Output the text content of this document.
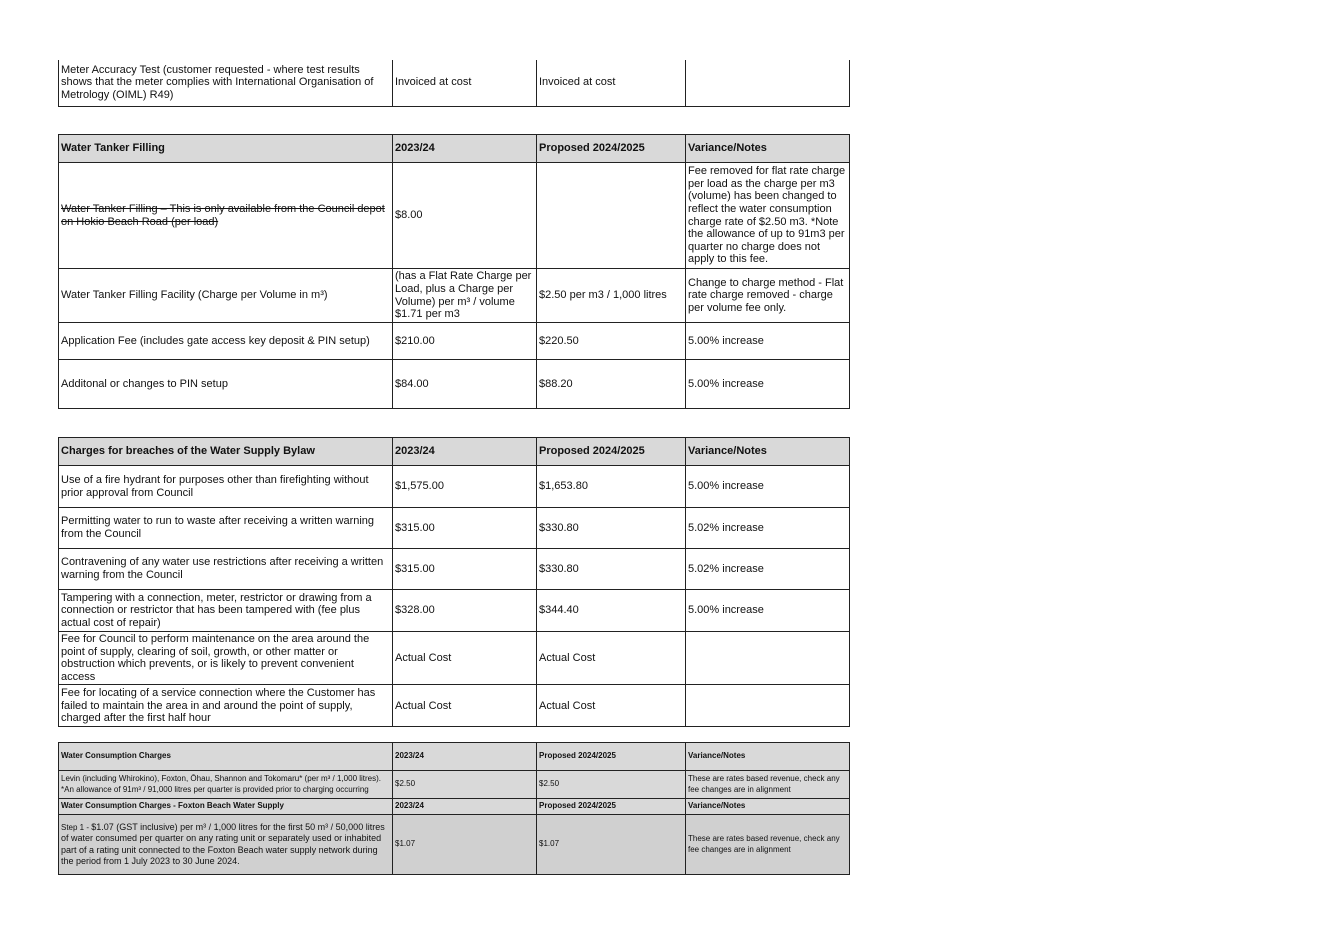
Meter Accuracy Test (customer requested - where test results shows that the meter complies with International Organisation of Metrology (OIML) R49)	Invoiced at cost	Invoiced at cost	
Water Tanker Filling	2023/24	Proposed 2024/2025	Variance/Notes
Water Tanker Filling – This is only available from the Council depot on Hokio Beach Road (per load)	$8.00		Fee removed for flat rate charge per load as the charge per m3 (volume) has been changed to reflect the water consumption charge rate of $2.50 m3. *Note the allowance of up to 91m3 per quarter no charge does not apply to this fee.
Water Tanker Filling Facility (Charge per Volume in m³)	(has a Flat Rate Charge per Load, plus a Charge per Volume) per m³ / volume $1.71 per m3	$2.50 per m3 / 1,000 litres	Change to charge method - Flat rate charge removed - charge per volume fee only.
Application Fee (includes gate access key deposit & PIN setup)	$210.00	$220.50	5.00% increase
Additonal or changes to PIN setup	$84.00	$88.20	5.00% increase
Charges for breaches of the Water Supply Bylaw	2023/24	Proposed 2024/2025	Variance/Notes
Use of a fire hydrant for purposes other than firefighting without prior approval from Council	$1,575.00	$1,653.80	5.00% increase
Permitting water to run to waste after receiving a written warning from the Council	$315.00	$330.80	5.02% increase
Contravening of any water use restrictions after receiving a written warning from the Council	$315.00	$330.80	5.02% increase
Tampering with a connection, meter, restrictor or drawing from a connection or restrictor that has been tampered with (fee plus actual cost of repair)	$328.00	$344.40	5.00% increase
Fee for Council to perform maintenance on the area around the point of supply, clearing of soil, growth, or other matter or obstruction which prevents, or is likely to prevent convenient access	Actual Cost	Actual Cost	
Fee for locating of a service connection where the Customer has failed to maintain the area in and around the point of supply, charged after the first half hour	Actual Cost	Actual Cost	
Water Consumption Charges	2023/24	Proposed 2024/2025	Variance/Notes
Levin (including Whirokino), Foxton, Ōhau, Shannon and Tokomaru* (per m³ / 1,000 litres). *An allowance of 91m³ / 91,000 litres per quarter is provided prior to charging occurring	$2.50	$2.50	These are rates based revenue, check any fee changes are in alignment
Water Consumption Charges - Foxton Beach Water Supply	2023/24	Proposed 2024/2025	Variance/Notes
Step 1 - $1.07 (GST inclusive) per m³ / 1,000 litres for the first 50 m³ / 50,000 litres of water consumed per quarter on any rating unit or separately used or inhabited part of a rating unit connected to the Foxton Beach water supply network during the period from 1 July 2023 to 30 June 2024.	$1.07	$1.07	These are rates based revenue, check any fee changes are in alignment
